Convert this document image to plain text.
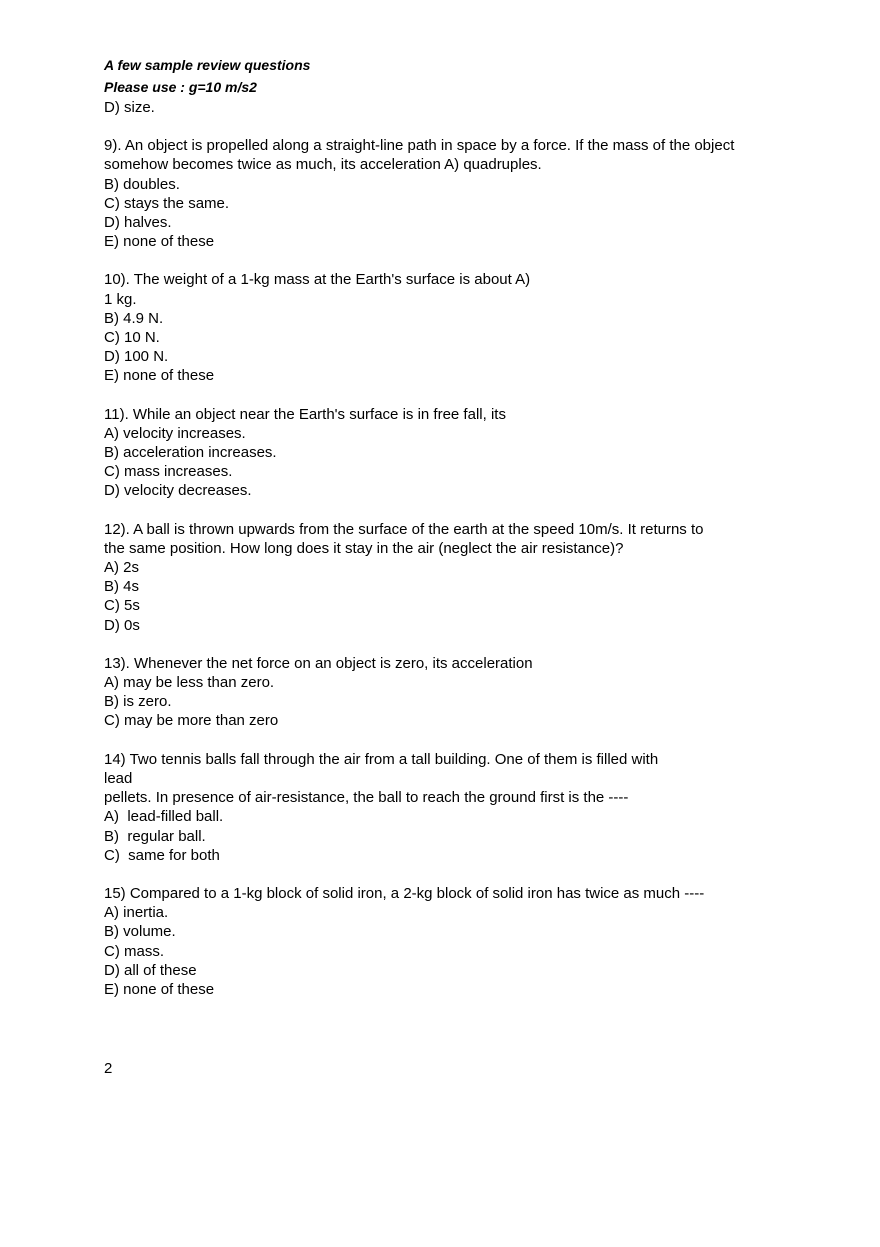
A few sample review questions
Please use : g=10 m/s2
D) size.
9). An object is propelled along a straight-line path in space by a force. If the mass of the object
somehow becomes twice as much, its acceleration A) quadruples.
B) doubles.
C) stays the same.
D) halves.
E) none of these
10). The weight of a 1-kg mass at the Earth's surface is about A)
1 kg.
B) 4.9 N.
C) 10 N.
D) 100 N.
E) none of these
11). While an object near the Earth's surface is in free fall, its
A) velocity increases.
B) acceleration increases.
C) mass increases.
D) velocity decreases.
12). A ball is thrown upwards from the surface of the earth at the speed 10m/s. It returns to
the same position. How long does it stay in the air (neglect the air resistance)?
A) 2s
B) 4s
C) 5s
D) 0s
13). Whenever the net force on an object is zero, its acceleration
A) may be less than zero.
B) is zero.
C) may be more than zero
14) Two tennis balls fall through the air from a tall building. One of them is filled with
lead
pellets. In presence of air-resistance, the ball to reach the ground first is the ----
A)  lead-filled ball.
B)  regular ball.
C)  same for both
15) Compared to a 1-kg block of solid iron, a 2-kg block of solid iron has twice as much ----
A) inertia.
B) volume.
C) mass.
D) all of these
E) none of these
2
